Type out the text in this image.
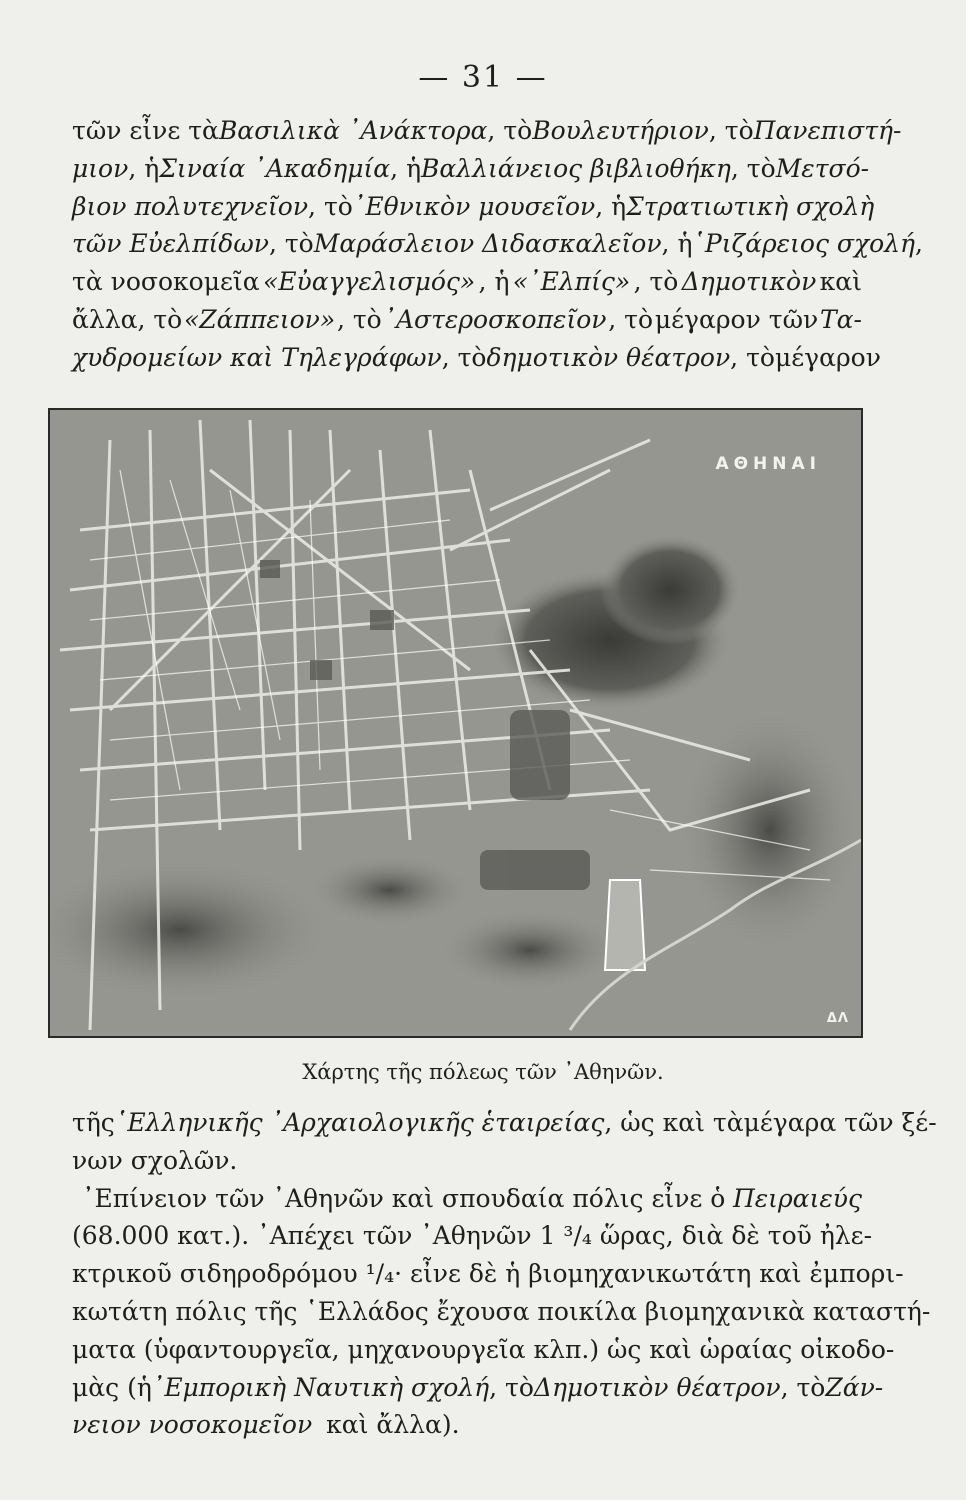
— 31 —
τῶν εἶνε τὰ Βασιλικὰ ᾿Ανάκτορα , τὸ Βουλευτήριον , τὸ Πανεπιστή-
μιον , ἡ Σιναία ᾿Ακαδημία , ἡ Βαλλιάνειος βιβλιοθήκη , τὸ Μετσό-
βιον πολυτεχνεῖον , τὸ ᾿Εθνικὸν μουσεῖον , ἡ Στρατιωτικὴ σχολὴ
τῶν Εὐελπίδων , τὸ Μαράσλειον Διδασκαλεῖον , ἡ ῾Ριζάρειος σχολή ,
τὰ νοσοκομεῖα «Εὐαγγελισμός» , ἡ «᾿Ελπίς» , τὸ Δημοτικὸν καὶ
ἄλλα, τὸ «Ζάππειον» , τὸ ᾿Αστεροσκοπεῖον , τὸ μέγαρον τῶν Τα-
χυδρομείων καὶ Τηλεγράφων , τὸ δημοτικὸν θέατρον , τὸ μέγαρον
ΑΘΗΝΑΙ
ΔΛ
Χάρτης τῆς πόλεως τῶν ᾿Αθηνῶν.
τῆς ῾Ελληνικῆς ᾿Αρχαιολογικῆς ἑταιρείας , ὡς καὶ τὰ μέγαρα τῶν ξέ-
νων σχολῶν.
᾿Επίνειον τῶν ᾿Αθηνῶν καὶ σπουδαία πόλις εἶνε ὁ Πειραιεύς
(68.000 κατ.). ᾿Απέχει τῶν ᾿Αθηνῶν 1 ³/₄ ὥρας, διὰ δὲ τοῦ ἠλε-
κτρικοῦ σιδηροδρόμου ¹/₄· εἶνε δὲ ἡ βιομηχανικωτάτη καὶ ἐμπορι-
κωτάτη πόλις τῆς ῾Ελλάδος ἔχουσα ποικίλα βιομηχανικὰ καταστή-
ματα (ὑφαντουργεῖα, μηχανουργεῖα κλπ.) ὡς καὶ ὡραίας οἰκοδο-
μὰς (ἡ ᾿Εμπορικὴ Ναυτικὴ σχολή , τὸ Δημοτικὸν θέατρον , τὸ Ζάν-
νειον νοσοκομεῖον καὶ ἄλλα).
